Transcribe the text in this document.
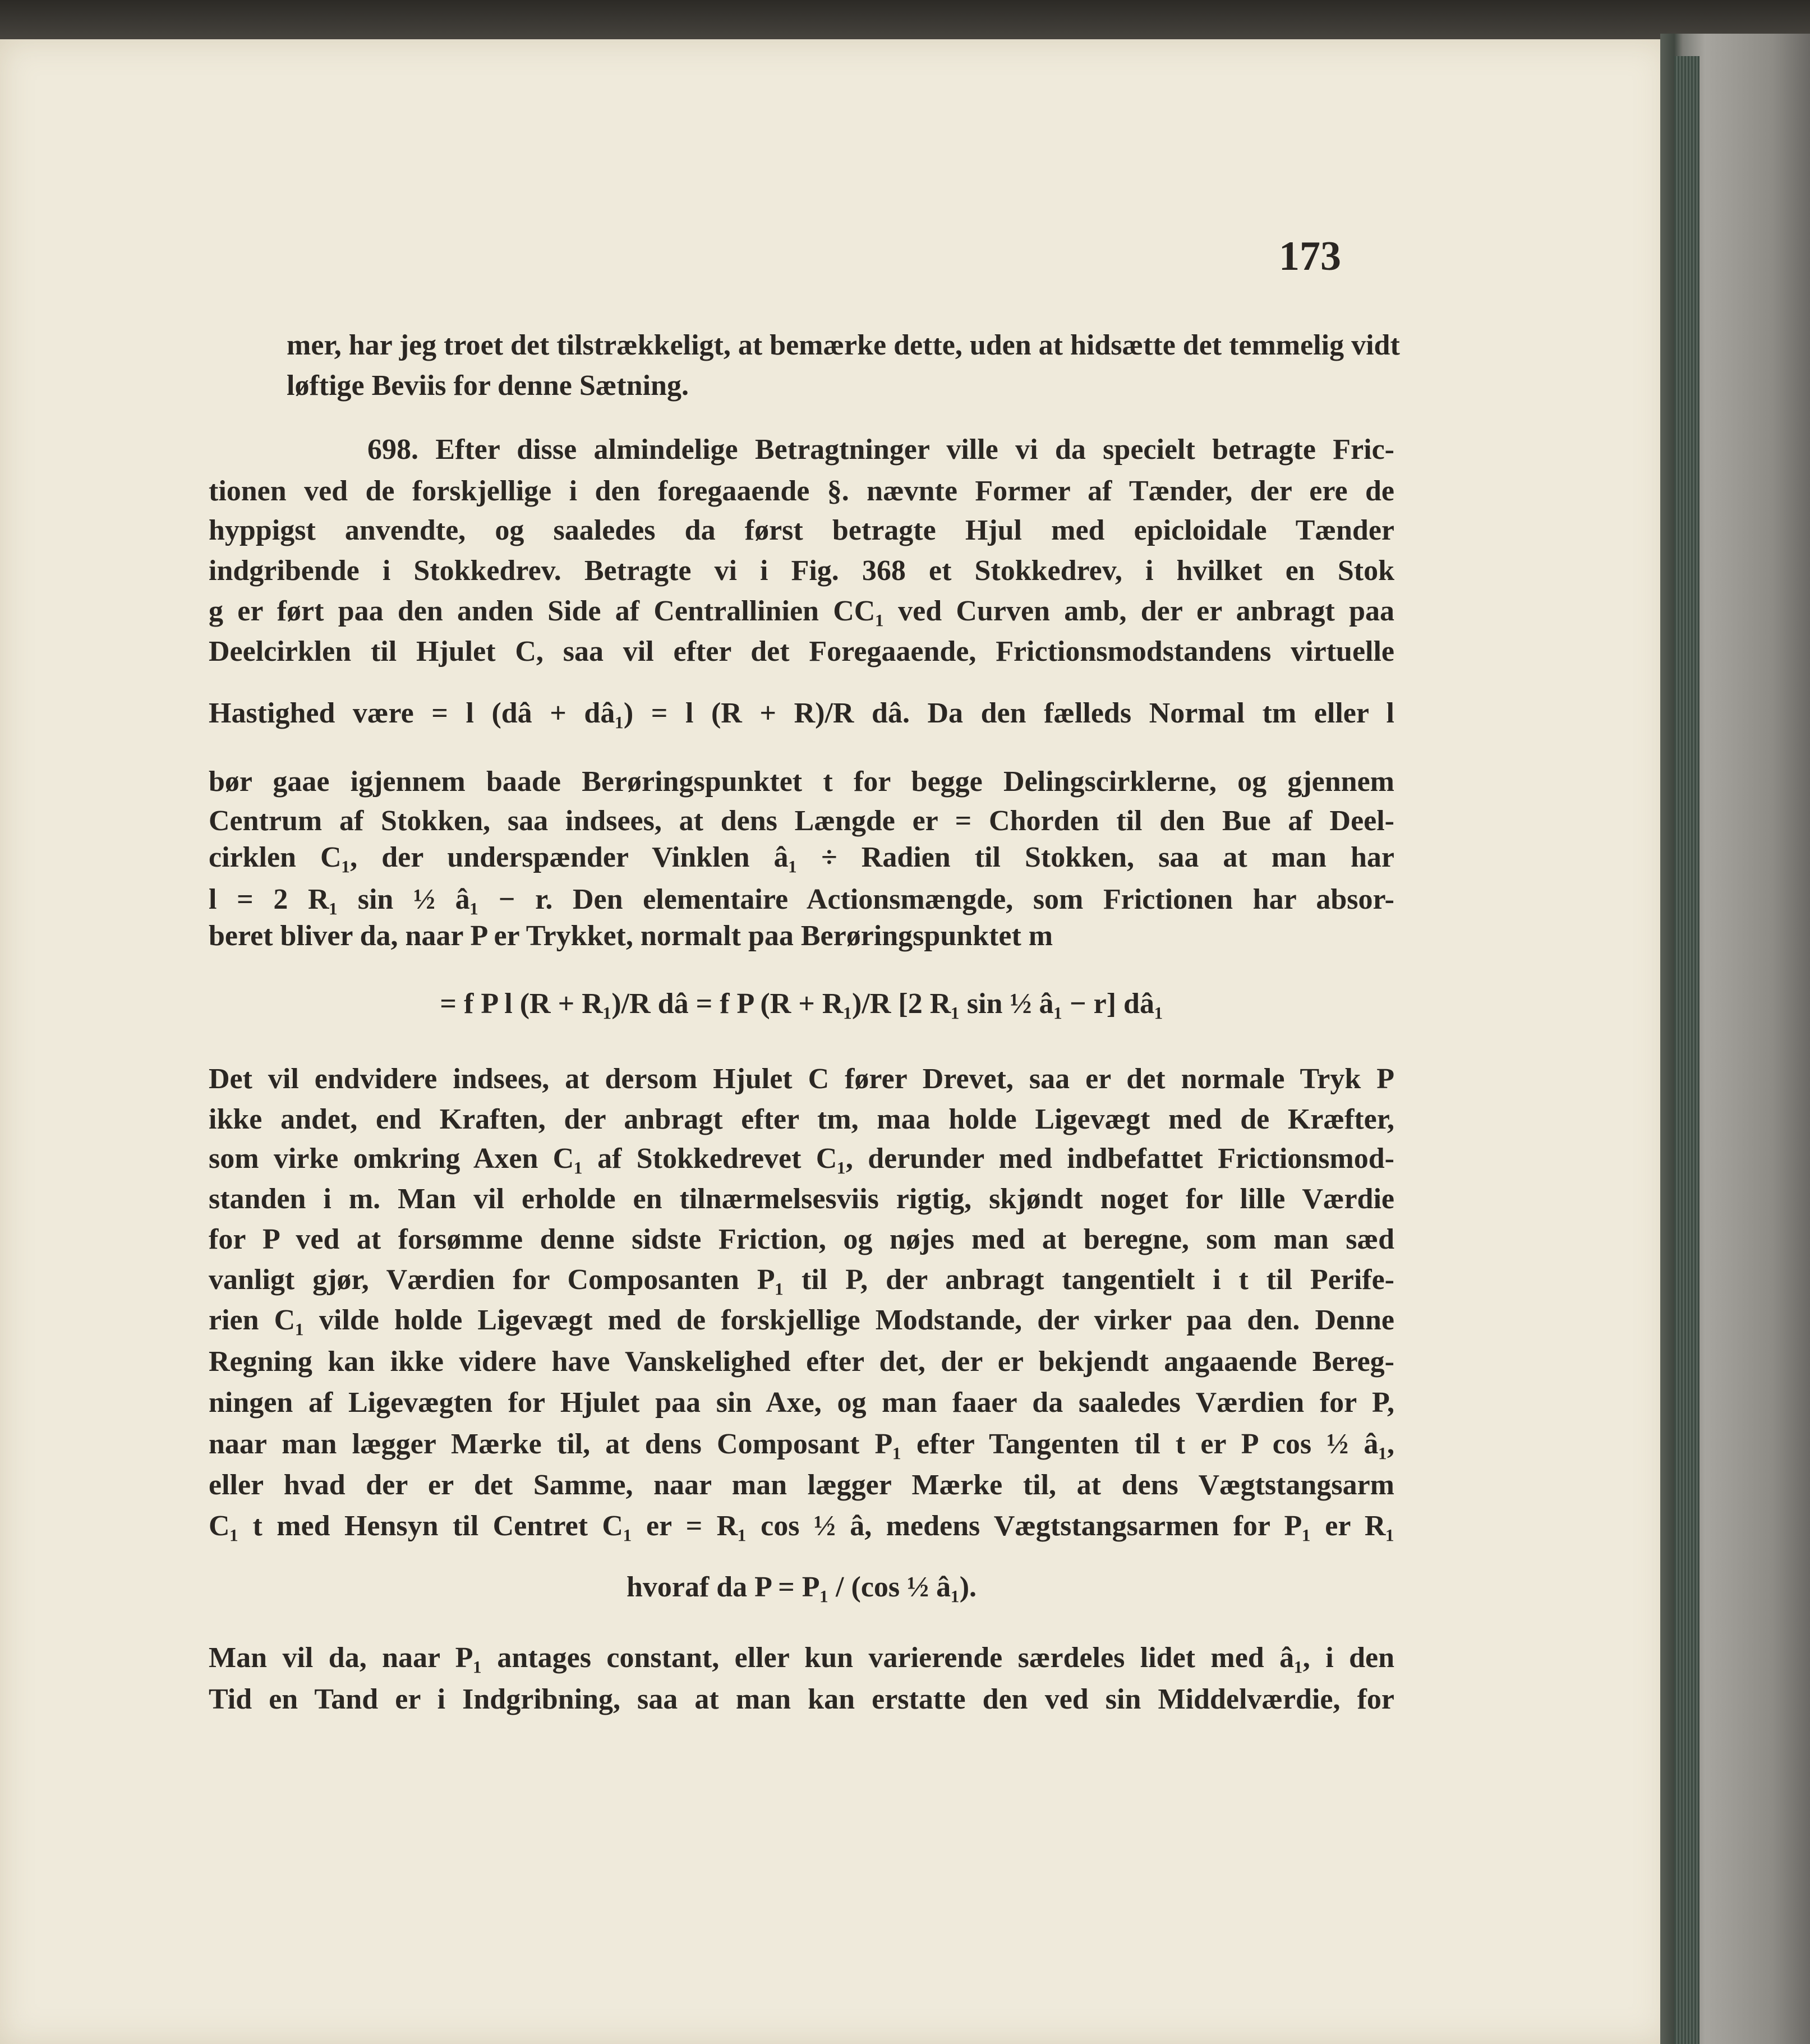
173
mer, har jeg troet det tilstrækkeligt, at bemærke dette, uden at hidsætte det temmelig vidt
løftige Beviis for denne Sætning.
698. Efter disse almindelige Betragtninger ville vi da specielt betragte Fric-
tionen ved de forskjellige i den foregaaende §. nævnte Former af Tænder, der ere de
hyppigst anvendte, og saaledes da først betragte Hjul med epicloidale Tænder
indgribende i Stokkedrev. Betragte vi i Fig. 368 et Stokkedrev, i hvilket en Stok
g er ført paa den anden Side af Centrallinien CC₁ ved Curven amb, der er anbragt paa
Deelcirklen til Hjulet C, saa vil efter det Foregaaende, Frictionsmodstandens virtuelle
Hastighed være = l (dâ + dâ₁) = l (R + R)/R dâ. Da den fælleds Normal tm eller l
bør gaae igjennem baade Berøringspunktet t for begge Delingscirklerne, og gjennem
Centrum af Stokken, saa indsees, at dens Længde er = Chorden til den Bue af Deel-
cirklen C₁, der underspænder Vinklen â₁ ÷ Radien til Stokken, saa at man har
l = 2 R₁ sin ½ â₁ − r. Den elementaire Actionsmængde, som Frictionen har absor-
beret bliver da, naar P er Trykket, normalt paa Berøringspunktet m
= f P l (R + R₁)/R dâ = f P (R + R₁)/R [2 R₁ sin ½ â₁ − r] dâ₁
Det vil endvidere indsees, at dersom Hjulet C fører Drevet, saa er det normale Tryk P
ikke andet, end Kraften, der anbragt efter tm, maa holde Ligevægt med de Kræfter,
som virke omkring Axen C₁ af Stokkedrevet C₁, derunder med indbefattet Frictionsmod-
standen i m. Man vil erholde en tilnærmelsesviis rigtig, skjøndt noget for lille Værdie
for P ved at forsømme denne sidste Friction, og nøjes med at beregne, som man sæd
vanligt gjør, Værdien for Composanten P₁ til P, der anbragt tangentielt i t til Perife-
rien C₁ vilde holde Ligevægt med de forskjellige Modstande, der virker paa den. Denne
Regning kan ikke videre have Vanskelighed efter det, der er bekjendt angaaende Bereg-
ningen af Ligevægten for Hjulet paa sin Axe, og man faaer da saaledes Værdien for P,
naar man lægger Mærke til, at dens Composant P₁ efter Tangenten til t er P cos ½ â₁,
eller hvad der er det Samme, naar man lægger Mærke til, at dens Vægtstangsarm
C₁ t med Hensyn til Centret C₁ er = R₁ cos ½ â, medens Vægtstangsarmen for P₁ er R₁
hvoraf da P = P₁ / (cos ½ â₁).
Man vil da, naar P₁ antages constant, eller kun varierende særdeles lidet med â₁, i den
Tid en Tand er i Indgribning, saa at man kan erstatte den ved sin Middelværdie, for
